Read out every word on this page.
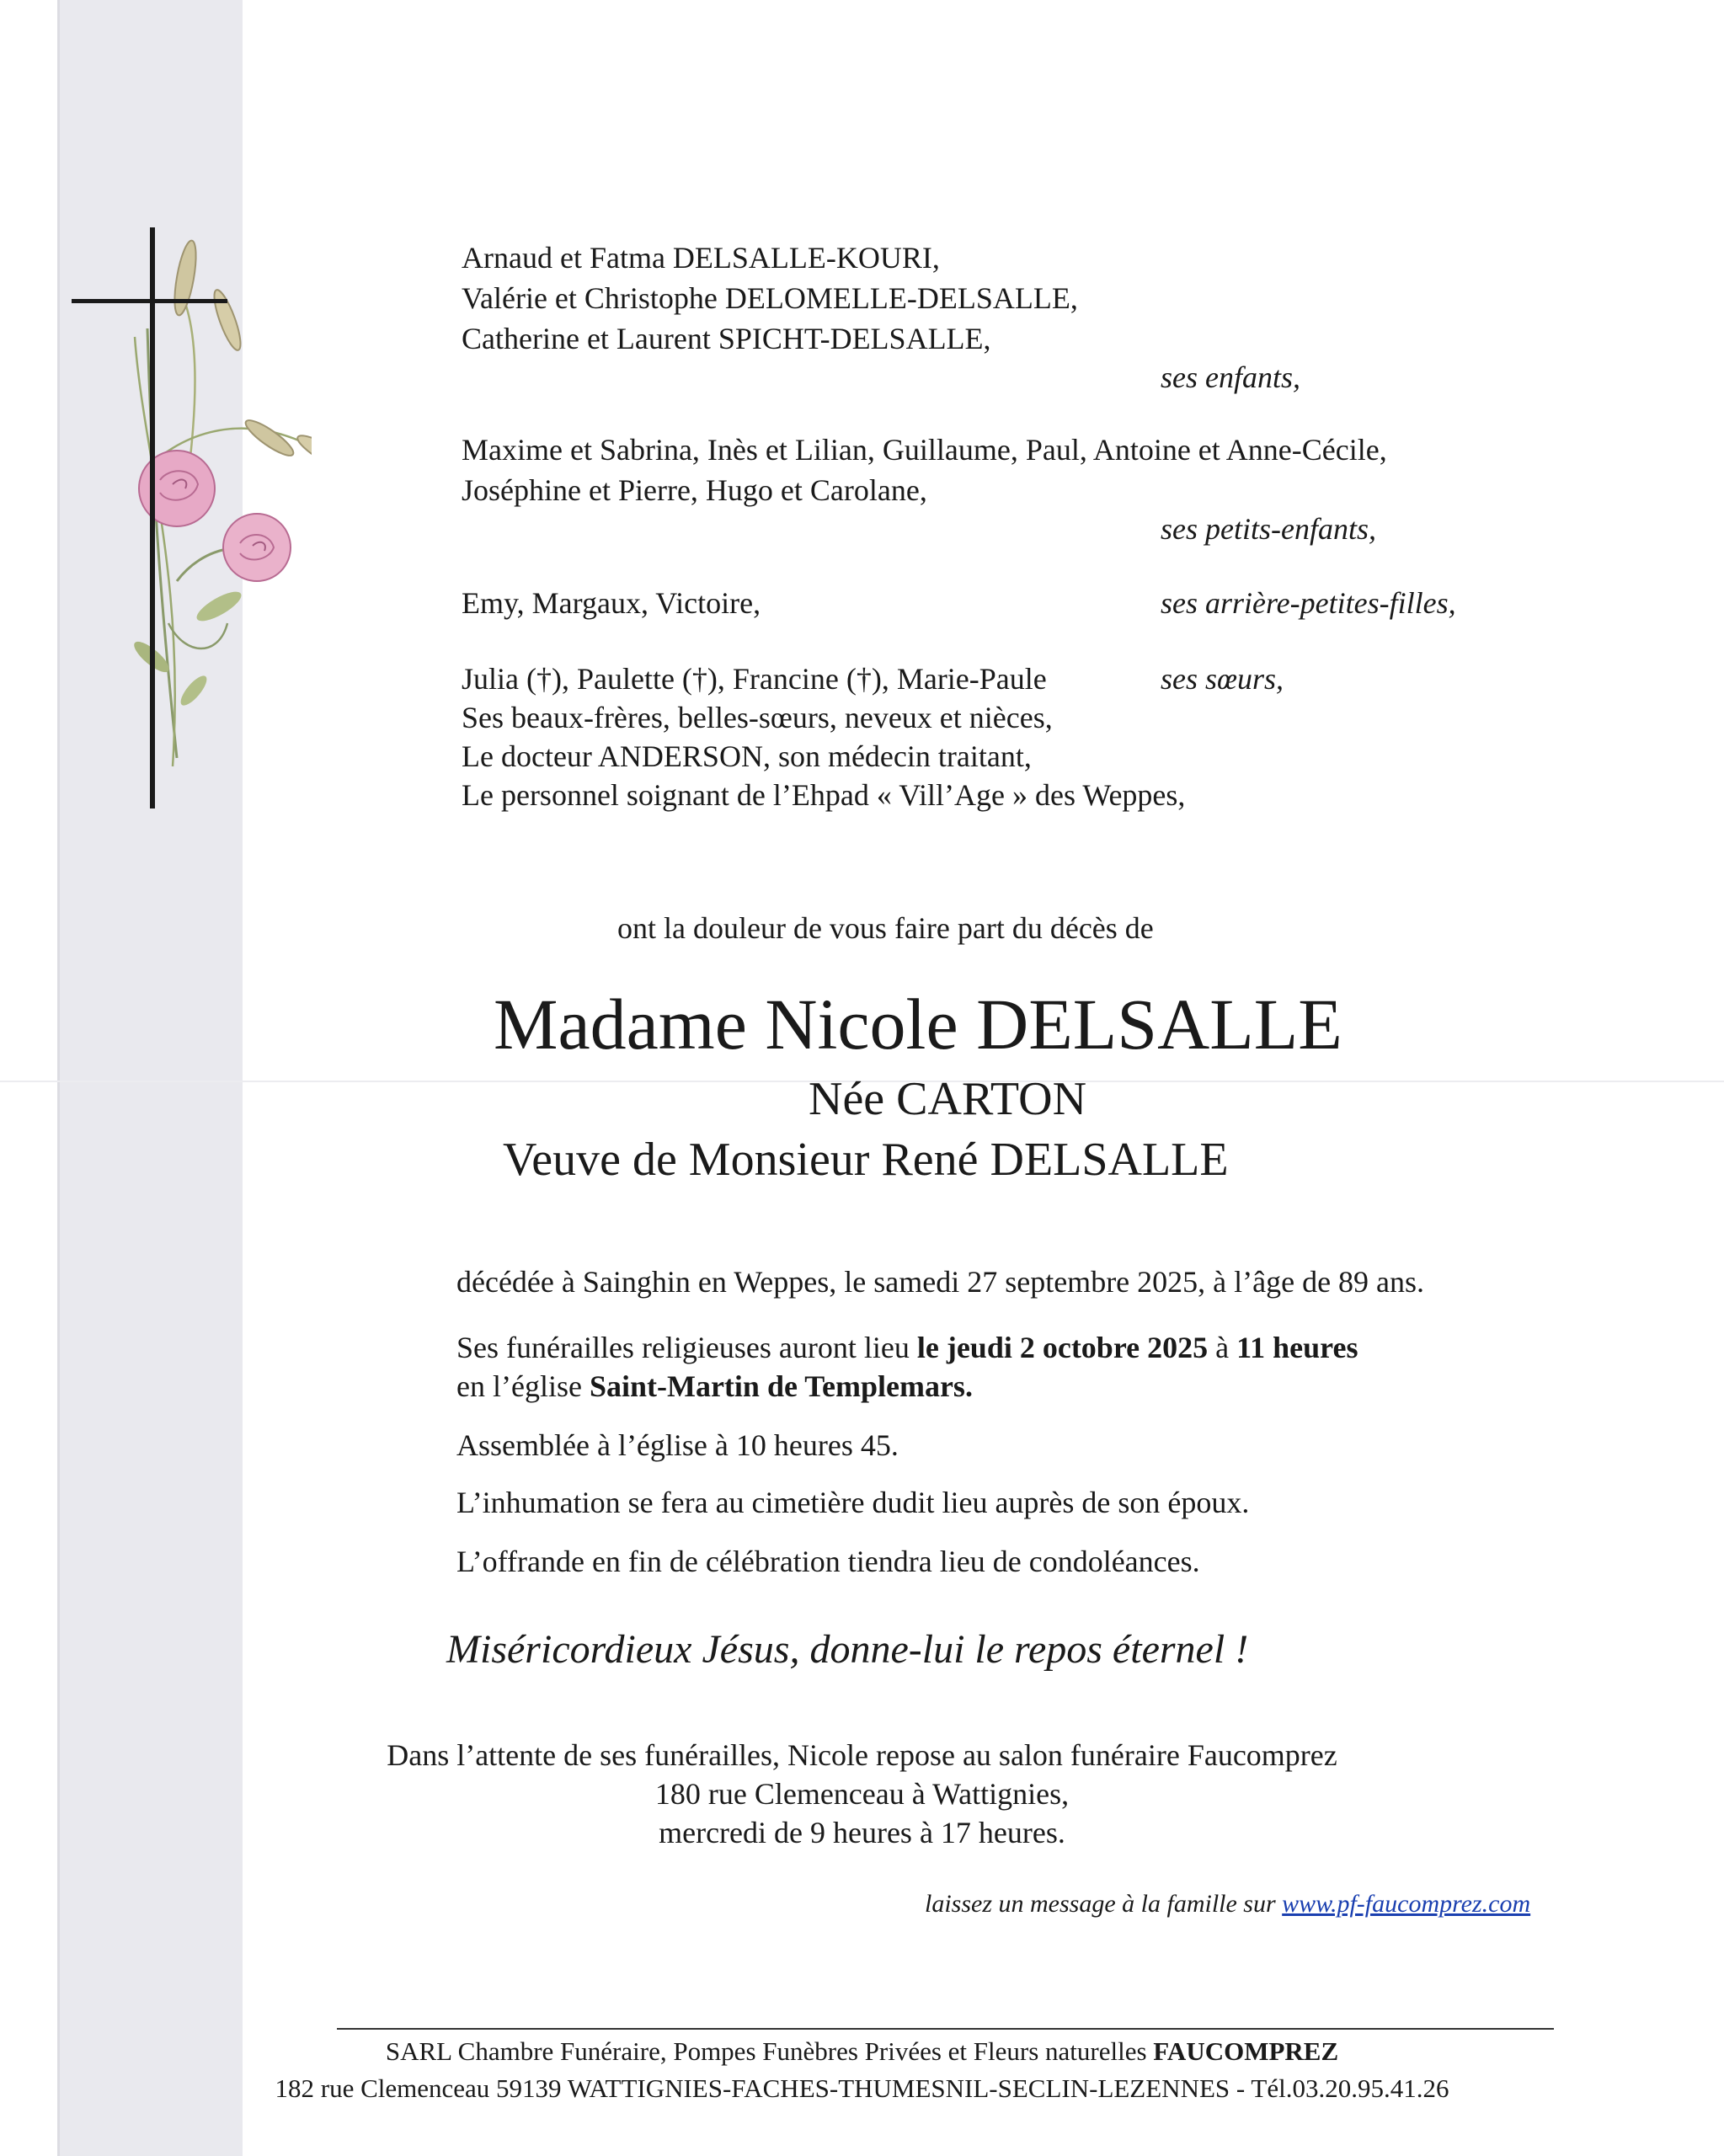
Arnaud et Fatma DELSALLE-KOURI,
Valérie et Christophe DELOMELLE-DELSALLE,
Catherine et Laurent SPICHT-DELSALLE,
ses enfants,
Maxime et Sabrina, Inès et Lilian, Guillaume, Paul, Antoine et Anne-Cécile,
Joséphine et Pierre, Hugo et Carolane,
ses petits-enfants,
Emy, Margaux, Victoire,	ses arrière-petites-filles,
Julia (†), Paulette (†), Francine (†), Marie-Paule	ses sœurs,
Ses beaux-frères, belles-sœurs, neveux et nièces,
Le docteur ANDERSON, son médecin traitant,
Le personnel soignant de l’Ehpad « Vill’Age » des Weppes,
ont la douleur de vous faire part du décès de
Madame Nicole DELSALLE
Née CARTON
Veuve de Monsieur René DELSALLE
décédée à Sainghin en Weppes, le samedi 27 septembre 2025, à l’âge de 89 ans.
Ses funérailles religieuses auront lieu le jeudi 2 octobre 2025 à 11 heures
en l’église Saint-Martin de Templemars.
Assemblée à l’église à 10 heures 45.
L’inhumation se fera au cimetière dudit lieu auprès de son époux.
L’offrande en fin de célébration tiendra lieu de condoléances.
Miséricordieux Jésus, donne-lui le repos éternel !
Dans l’attente de ses funérailles, Nicole repose au salon funéraire Faucomprez
180 rue Clemenceau à Wattignies,
mercredi de 9 heures à 17 heures.
laissez un message à la famille sur www.pf-faucomprez.com
SARL Chambre Funéraire, Pompes Funèbres Privées et Fleurs naturelles FAUCOMPREZ
182 rue Clemenceau 59139 WATTIGNIES-FACHES-THUMESNIL-SECLIN-LEZENNES - Tél.03.20.95.41.26
